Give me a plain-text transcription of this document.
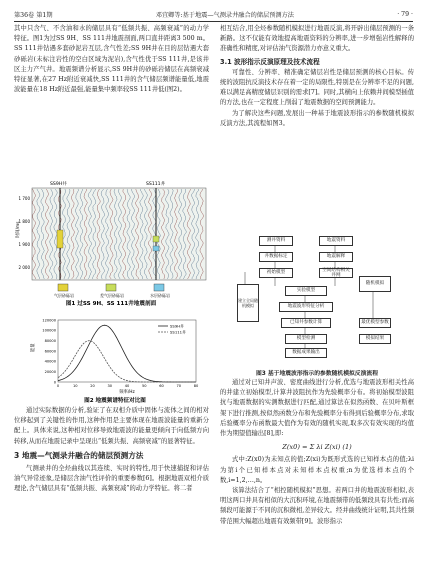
第36卷 第1期	邓宜卿等:基于地震—气测录井融合的储层预测方法	· 79 ·

其中只含气、不含油和水的储层具有“低频共振、高频衰减”的动力学特征。图1为过SS 9H、SS 111井地震剖面,两口直井距离3 500 m。SS 111井钻遇多套砂泥岩互层,含气性差;SS 9H井在目的层钻遇大套砂砾岩(未标注岩性的空白区域为泥岩),含气性优于SS 111井,是该井区主力产气井。地震频谱分析显示,SS 9H井的砂砾岩储层在高频衰减特征显著,在27 Hz附近衰减快,SS 111井的含气储层频谱能量低,地震波能量在18 Hz附近最强,能量集中频率较SS 111井低(图2)。

SS9H井	SS111井
时间/ms
1 700
1 800
1 900
2 000
气层砂砾岩	差气层砂砾岩	水层砂砾岩
图1 过SS 9H、SS 111井地震剖面
120000
100000
80000
60000
40000
20000
0
0	10	20	30	40	50	60	70	80
SS9H井
SS111井
能量
频率/Hz
图2 地震频谱特征对比图

通过实际数据的分析,验证了在双相介质中固体与流体之间的相对位移起到了关键性的作用,这种作用是主要体现在地震波能量的重新分配上。具体来说,这种相对位移导致地震波的能量更倾向于向低频方向转移,从而在地震记录中呈现出“低频共振、高频衰减”的显著特征。

3 地震—气测录井融合的储层预测方法

气测录井的全烃曲线以其连续、实时的特性,用于快速捕捉和评估油气异常迹象,是储层含油气性评价的重要参数[6]。根据地震双相介质理论,含气储层具有“低频共振、高频衰减”的动力学特征。将二者

相互结合,用全烃参数随机模拟进行地震反演,将开辟出储层预测的一条新路。这不仅能有效地提高地震资料的分辨率,进一步增强岩性解释的准确性和精度,对评估油气资源潜力亦意义重大。

3.1 波形指示反演原理及技术流程

可靠性、分辨率、精准确定储层岩性是储层预测的核心目标。传统的波阻抗反演技术存在着一定的局限性,特别是在分辨率不足的问题,难以满足高精度储层识别的需求[7]。同时,其横向上依赖井间模型插值的方法,也在一定程度上削弱了地震数据的空间预测能力。

为了解决这些问题,发展出一种基于地震波形指示的参数随机模拟反演方法,其流程如图3。

测井资料	地震资料
地震解释
井数据标定
初始模型
建立全局随机模拟
空间结构相关井网
实验模型
随机模拟
地震波形特征分析
已知井参数计算	最优模型参数
模型检测	模拟结果
数据成果输出
图3 基于地震波形指示的参数随机模拟反演流程

通过对已知井声波、密度曲线进行分析,优选与地震波形相关性高的井建立初始模型,计算井波阻抗作为先验概率分布。将初始模型波阻抗与地震数据的实测数据进行匹配,通过算法在似然函数、在贝叶斯框架下进行推测,按似然函数分布和先验概率分布得到后验概率分布,求取后验概率分布函数最大值作为有效的随机实现,取多次有效实现的均值作为期望值输出[8],即:

Z(x0) = Σ λi Z(xi) (1)

式中:Z(x0)为未知点的值;Z(xi)为既形式选的已知样本点的值;λi为第i个已知样本点对未知样本点权重;n为优选样本点的个数,i=1,2,…,n。

该算法结合了“相控随机模拟”思想。若两口井的地震波形相似,表明这两口井具有相似的大沉积环境,在地震频带的低频段具有共性;而高频段可能源于不同的沉积微相,差异较大。经并曲线统计证明,其共性频带范围大幅超出地震有效频带[9]。波形指示
